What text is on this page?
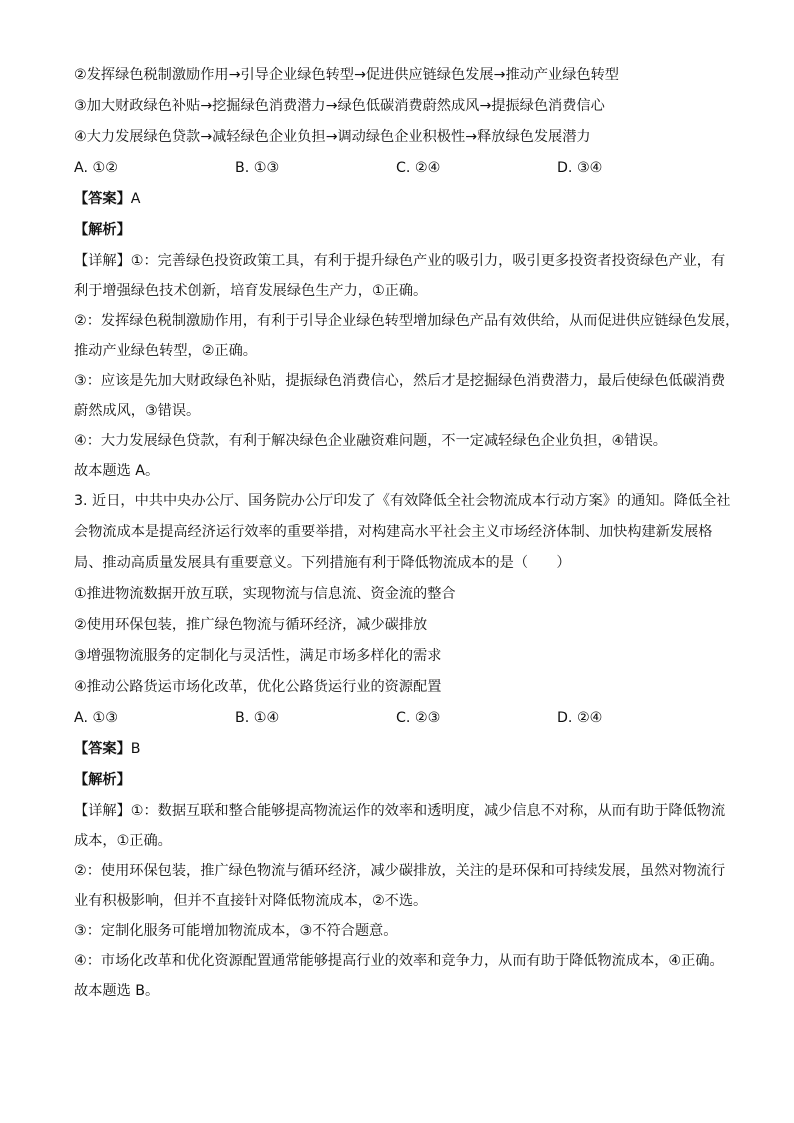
②发挥绿色税制激励作用→引导企业绿色转型→促进供应链绿色发展→推动产业绿色转型
③加大财政绿色补贴→挖掘绿色消费潜力→绿色低碳消费蔚然成风→提振绿色消费信心
④大力发展绿色贷款→减轻绿色企业负担→调动绿色企业积极性→释放绿色发展潜力
A. ①②	B. ①③	C. ②④	D. ③④
【答案】A
【解析】
【详解】①：完善绿色投资政策工具，有利于提升绿色产业的吸引力，吸引更多投资者投资绿色产业，有
利于增强绿色技术创新，培育发展绿色生产力，①正确。
②：发挥绿色税制激励作用，有利于引导企业绿色转型增加绿色产品有效供给，从而促进供应链绿色发展，
推动产业绿色转型，②正确。
③：应该是先加大财政绿色补贴，提振绿色消费信心，然后才是挖掘绿色消费潜力，最后使绿色低碳消费
蔚然成风，③错误。
④：大力发展绿色贷款，有利于解决绿色企业融资难问题，不一定减轻绿色企业负担，④错误。
故本题选 A。
3. 近日，中共中央办公厅、国务院办公厅印发了《有效降低全社会物流成本行动方案》的通知。降低全社
会物流成本是提高经济运行效率的重要举措，对构建高水平社会主义市场经济体制、加快构建新发展格
局、推动高质量发展具有重要意义。下列措施有利于降低物流成本的是（　　）
①推进物流数据开放互联，实现物流与信息流、资金流的整合
②使用环保包装，推广绿色物流与循环经济，减少碳排放
③增强物流服务的定制化与灵活性，满足市场多样化的需求
④推动公路货运市场化改革，优化公路货运行业的资源配置
A. ①③	B. ①④	C. ②③	D. ②④
【答案】B
【解析】
【详解】①：数据互联和整合能够提高物流运作的效率和透明度，减少信息不对称，从而有助于降低物流
成本，①正确。
②：使用环保包装，推广绿色物流与循环经济，减少碳排放，关注的是环保和可持续发展，虽然对物流行
业有积极影响，但并不直接针对降低物流成本，②不选。
③：定制化服务可能增加物流成本，③不符合题意。
④：市场化改革和优化资源配置通常能够提高行业的效率和竞争力，从而有助于降低物流成本，④正确。
故本题选 B。
